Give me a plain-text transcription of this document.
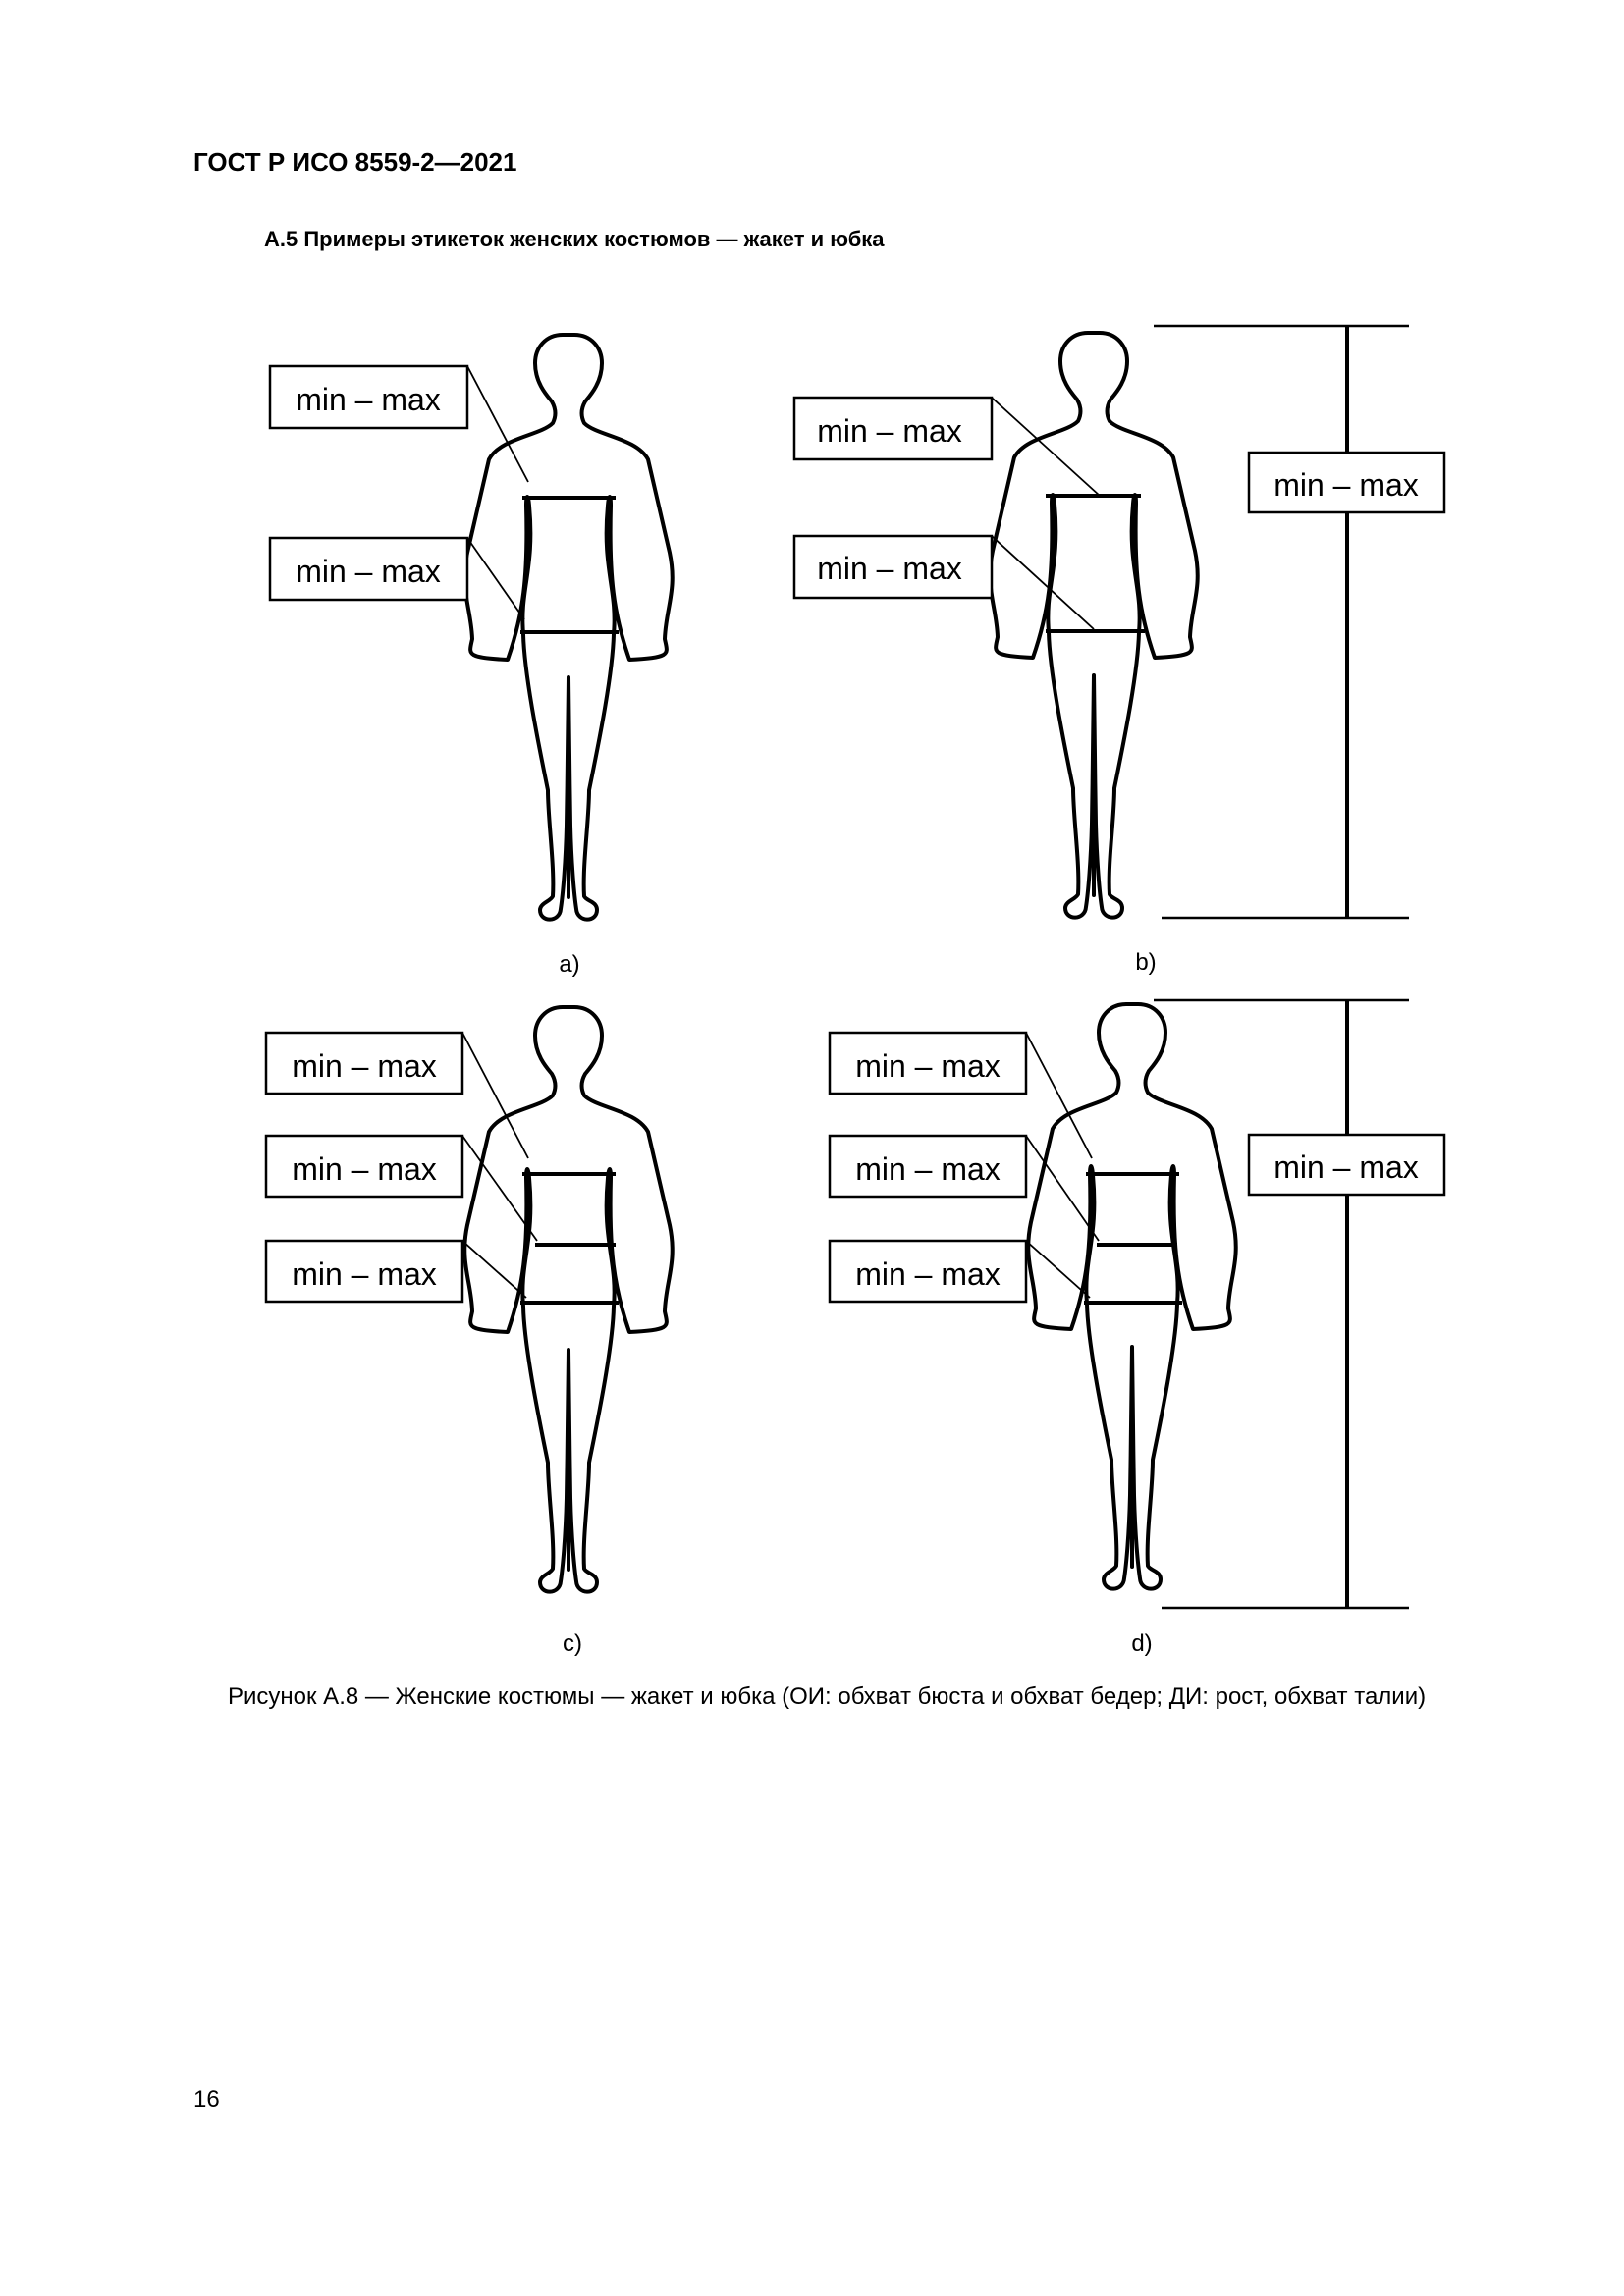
ГОСТ Р ИСО 8559-2—2021
А.5 Примеры этикеток женских костюмов — жакет и юбка
min – max
min – max
a)
min – max
min – max
min – max
b)
min – max
min – max
min – max
c)
min – max
min – max
min – max
min – max
d)
Рисунок А.8 — Женские костюмы — жакет и юбка (ОИ: обхват бюста и обхват бедер; ДИ: рост, обхват талии)
16
